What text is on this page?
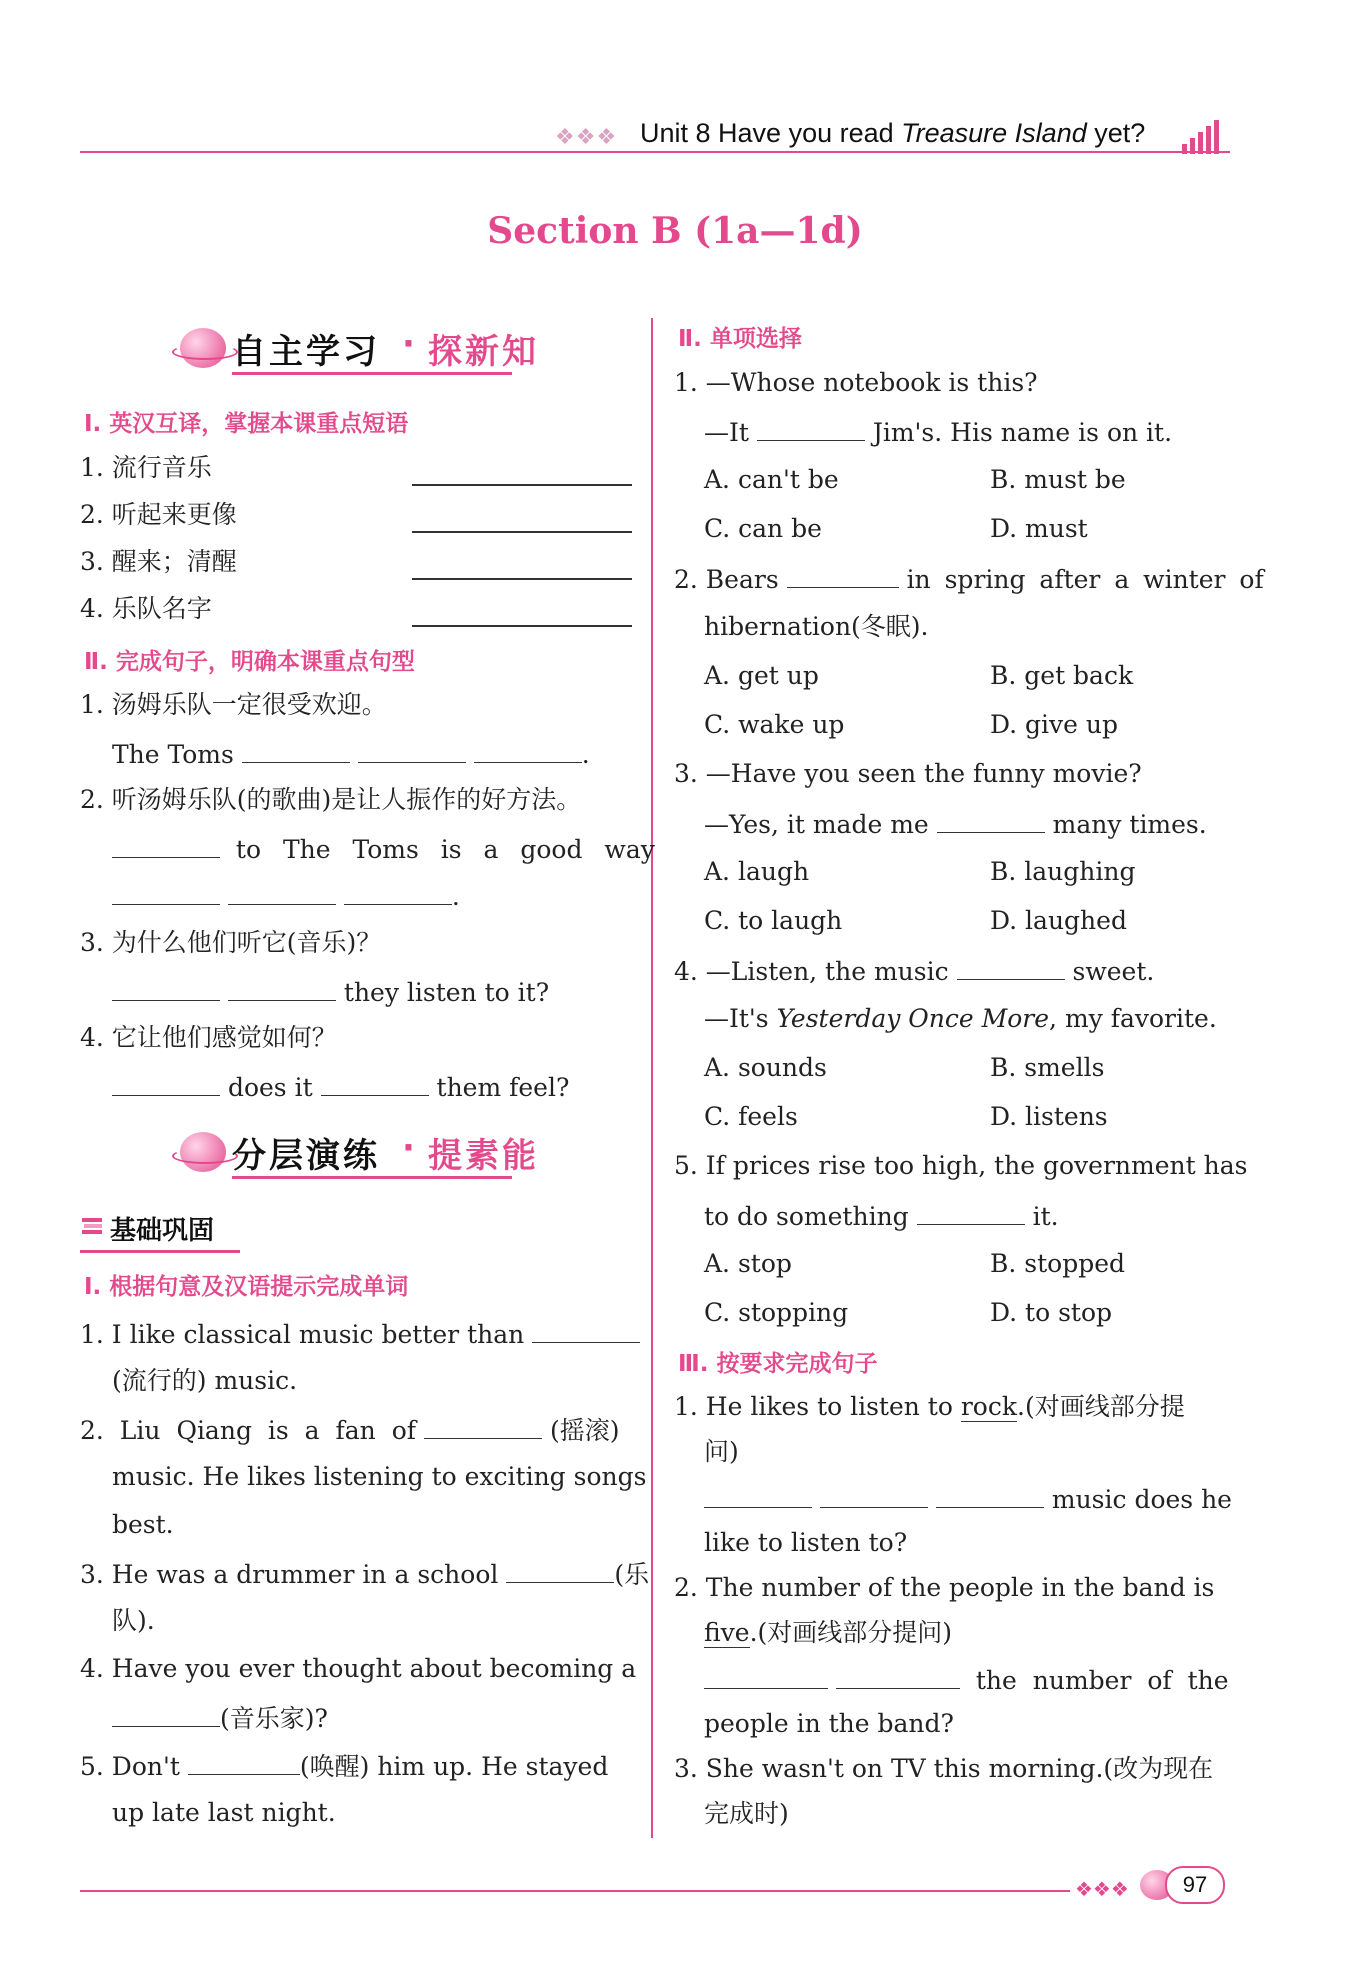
❖❖❖ Unit 8 Have you read Treasure Island yet?
Section B (1a—1d)
自主学习 · 探新知
Ⅰ. 英汉互译，掌握本课重点短语
1. 流行音乐
2. 听起来更像
3. 醒来；清醒
4. 乐队名字
Ⅱ. 完成句子，明确本课重点句型
1. 汤姆乐队一定很受欢迎。
The Toms	.
2. 听汤姆乐队(的歌曲)是让人振作的好方法。
to The Toms is a good way
.
3. 为什么他们听它(音乐)？
they listen to it?
4. 它让他们感觉如何？
does it	them feel?
分层演练 · 提素能
基础巩固
Ⅰ. 根据句意及汉语提示完成单词
1. I like classical music better than
(流行的) music.
2. Liu Qiang is a fan of	(摇滚)
music. He likes listening to exciting songs
best.
3. He was a drummer in a school	(乐
队).
4. Have you ever thought about becoming a
(音乐家)?
5. Don't	(唤醒) him up. He stayed
up late last night.
Ⅱ. 单项选择
1. —Whose notebook is this?
—It	Jim's. His name is on it.
A. can't be	B. must be
C. can be	D. must
2. Bears	in spring after a winter of
hibernation(冬眠).
A. get up	B. get back
C. wake up	D. give up
3. —Have you seen the funny movie?
—Yes, it made me	many times.
A. laugh	B. laughing
C. to laugh	D. laughed
4. —Listen, the music	sweet.
—It's Yesterday Once More, my favorite.
A. sounds	B. smells
C. feels	D. listens
5. If prices rise too high, the government has
to do something	it.
A. stop	B. stopped
C. stopping	D. to stop
Ⅲ. 按要求完成句子
1. He likes to listen to rock.(对画线部分提
问)
music does he
like to listen to?
2. The number of the people in the band is
five.(对画线部分提问)
the number of the
people in the band?
3. She wasn't on TV this morning.(改为现在
完成时)
❖❖❖	97
